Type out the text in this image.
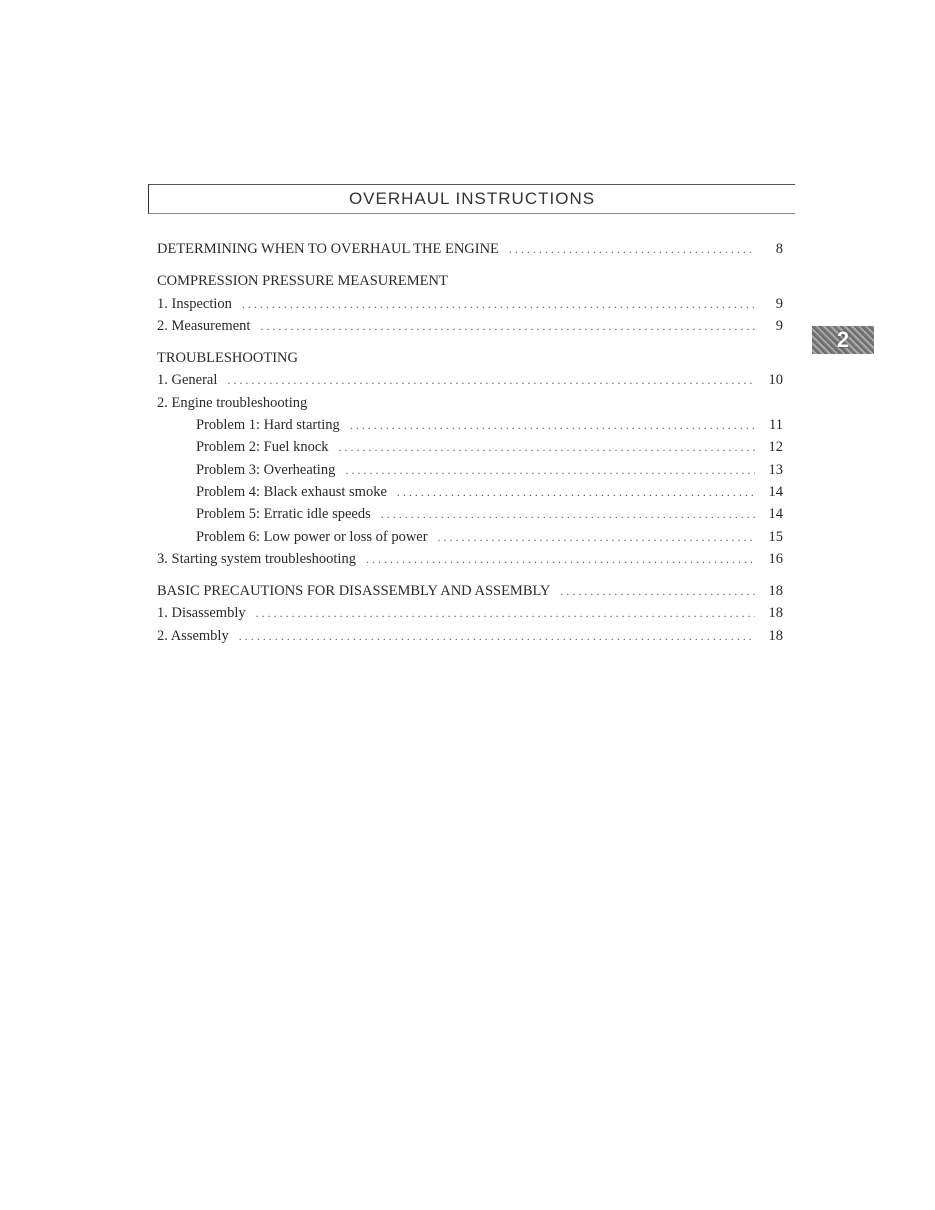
OVERHAUL INSTRUCTIONS
2
DETERMINING WHEN TO OVERHAUL THE ENGINE . . .	8
COMPRESSION PRESSURE MEASUREMENT
1. Inspection . . .	9
2. Measurement . . .	9
TROUBLESHOOTING
1. General . . .	10
2. Engine troubleshooting
Problem 1: Hard starting . . .	11
Problem 2: Fuel knock . . .	12
Problem 3: Overheating . . .	13
Problem 4: Black exhaust smoke . . .	14
Problem 5: Erratic idle speeds . . .	14
Problem 6: Low power or loss of power . . .	15
3. Starting system troubleshooting . . .	16
BASIC PRECAUTIONS FOR DISASSEMBLY AND ASSEMBLY . . .	18
1. Disassembly . . .	18
2. Assembly . . .	18
